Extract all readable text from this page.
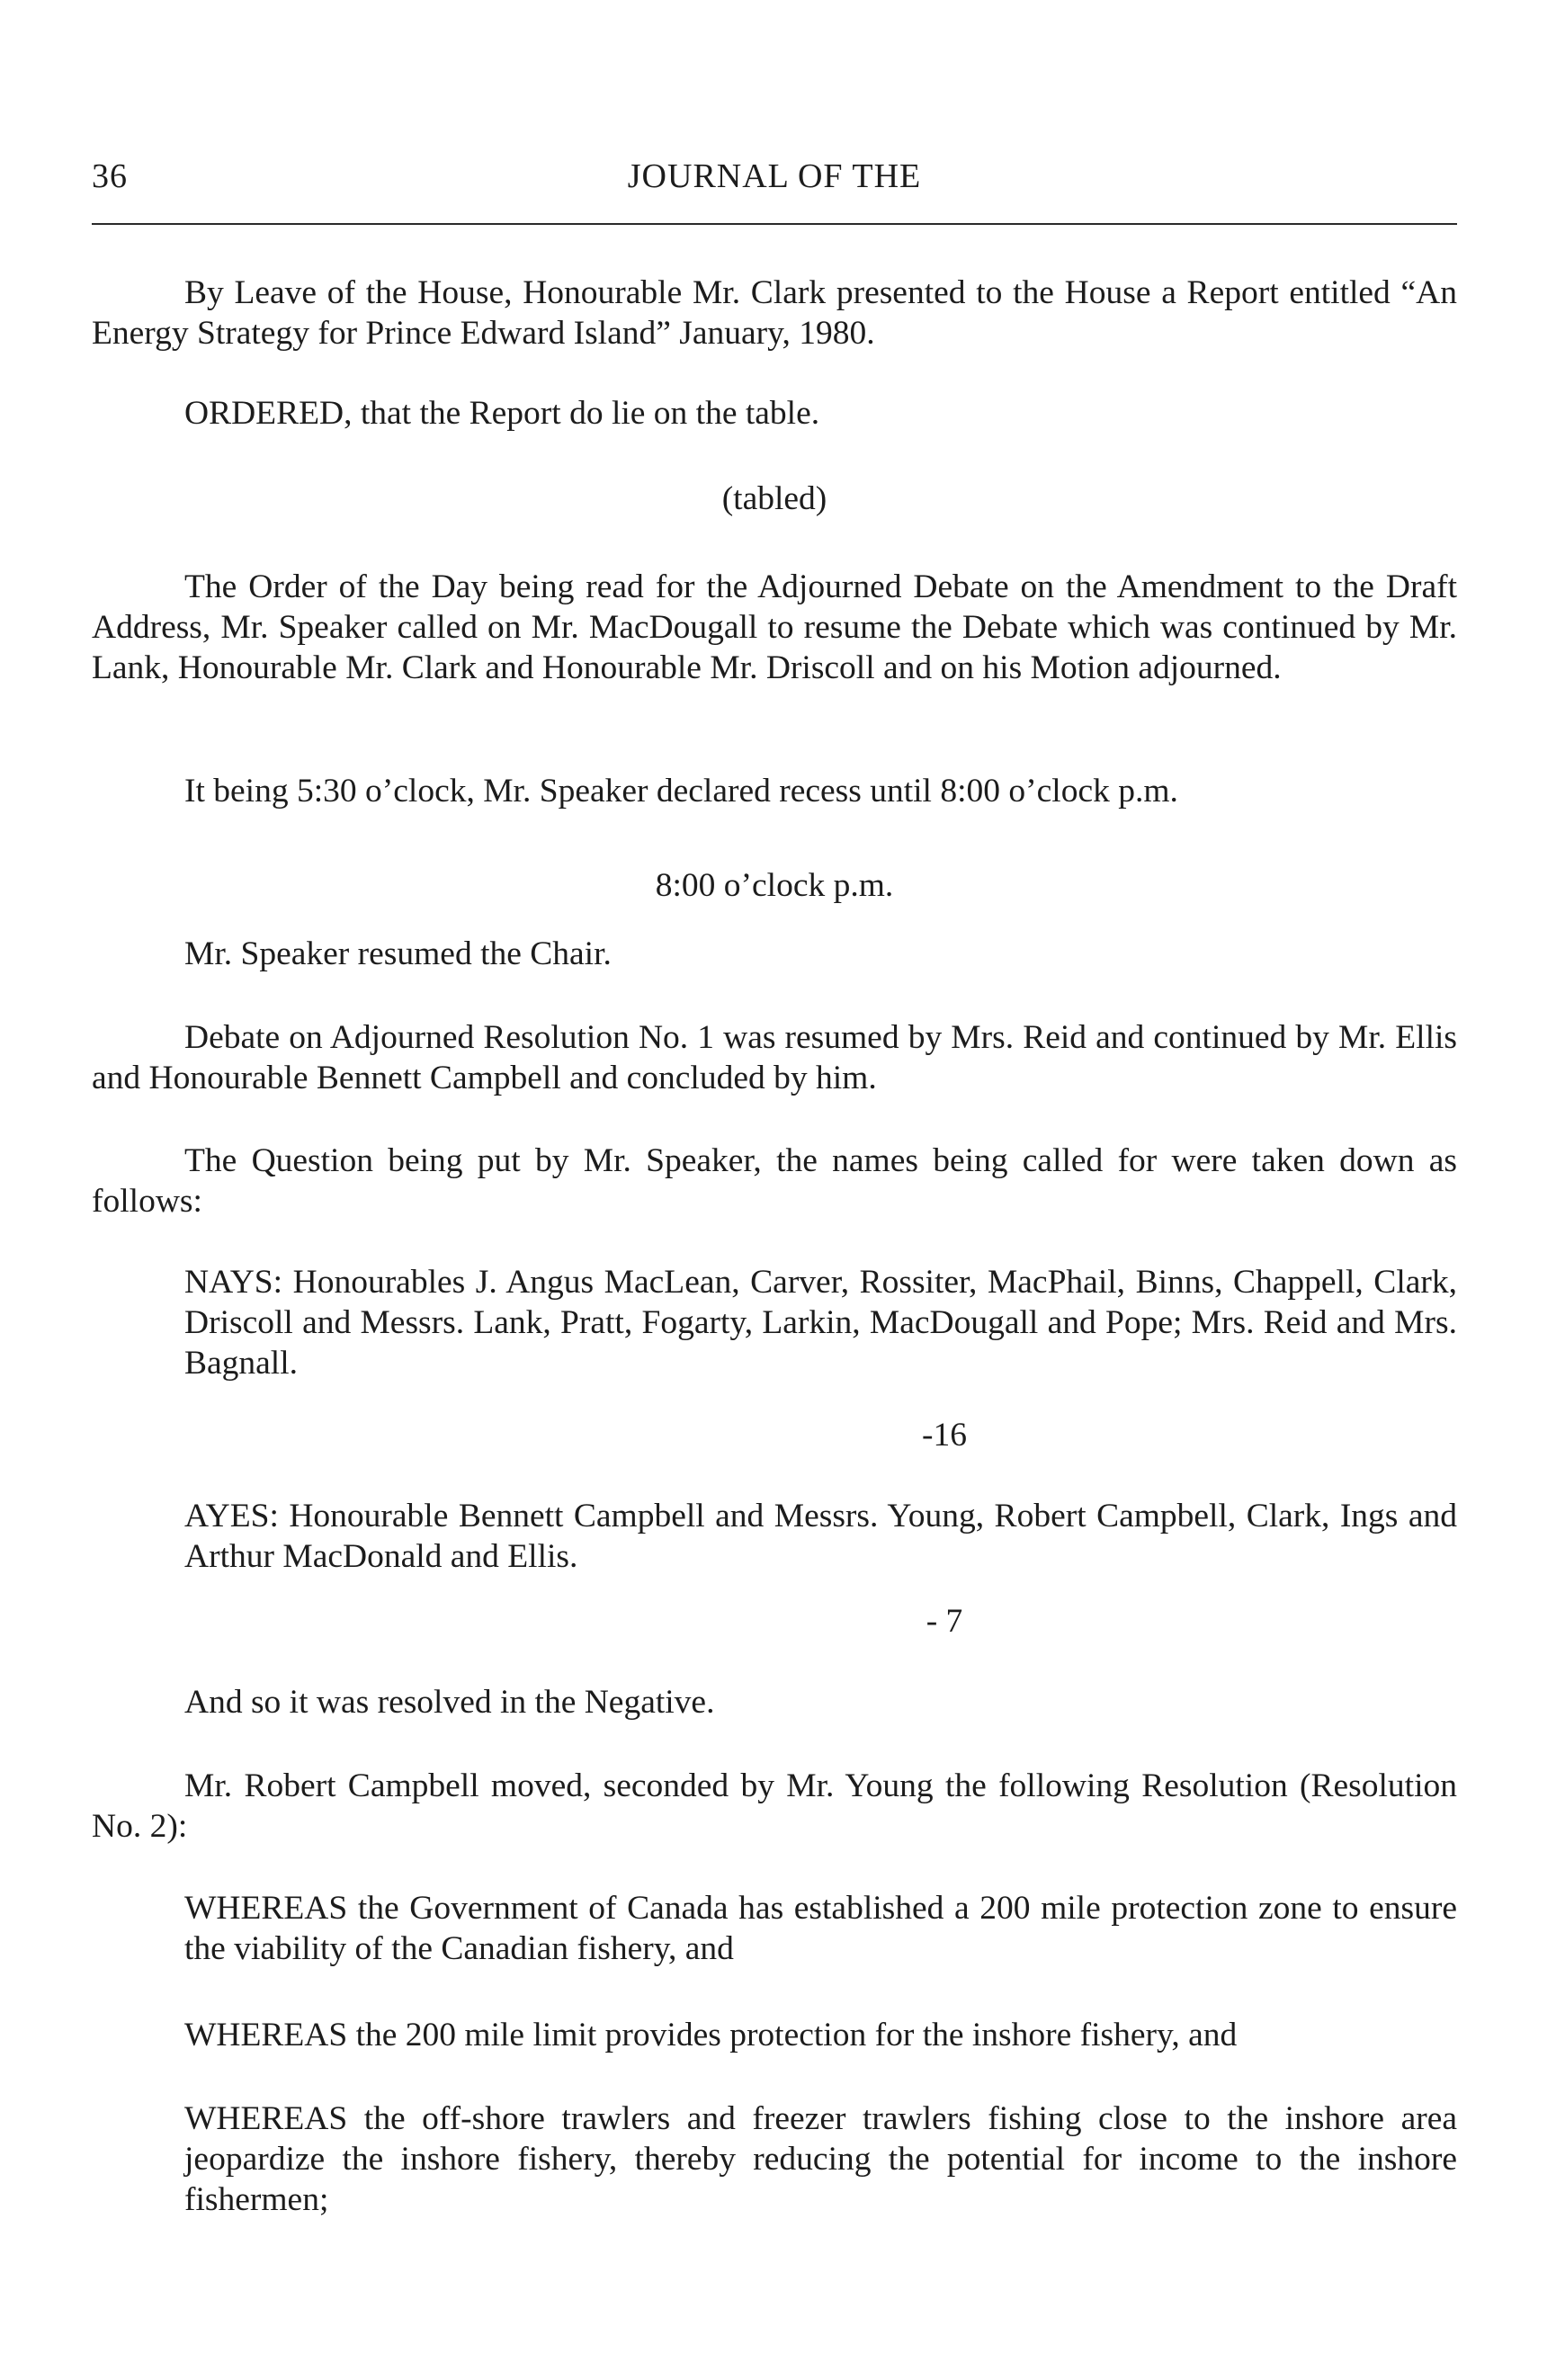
36	JOURNAL OF THE

By Leave of the House, Honourable Mr. Clark presented to the House a Report entitled “An Energy Strategy for Prince Edward Island” January, 1980.

ORDERED, that the Report do lie on the table.

(tabled)

The Order of the Day being read for the Adjourned Debate on the Amendment to the Draft Address, Mr. Speaker called on Mr. MacDougall to resume the Debate which was continued by Mr. Lank, Honourable Mr. Clark and Honourable Mr. Driscoll and on his Motion adjourned.

It being 5:30 o’clock, Mr. Speaker declared recess until 8:00 o’clock p.m.

8:00 o’clock p.m.

Mr. Speaker resumed the Chair.

Debate on Adjourned Resolution No. 1 was resumed by Mrs. Reid and continued by Mr. Ellis and Honourable Bennett Campbell and concluded by him.

The Question being put by Mr. Speaker, the names being called for were taken down as follows:

NAYS: Honourables J. Angus MacLean, Carver, Rossiter, MacPhail, Binns, Chappell, Clark, Driscoll and Messrs. Lank, Pratt, Fogarty, Larkin, MacDougall and Pope; Mrs. Reid and Mrs. Bagnall.

-16

AYES: Honourable Bennett Campbell and Messrs. Young, Robert Campbell, Clark, Ings and Arthur MacDonald and Ellis.

- 7

And so it was resolved in the Negative.

Mr. Robert Campbell moved, seconded by Mr. Young the following Resolution (Resolution No. 2):

WHEREAS the Government of Canada has established a 200 mile protection zone to ensure the viability of the Canadian fishery, and

WHEREAS the 200 mile limit provides protection for the inshore fishery, and

WHEREAS the off-shore trawlers and freezer trawlers fishing close to the inshore area jeopardize the inshore fishery, thereby reducing the potential for income to the inshore fishermen;
